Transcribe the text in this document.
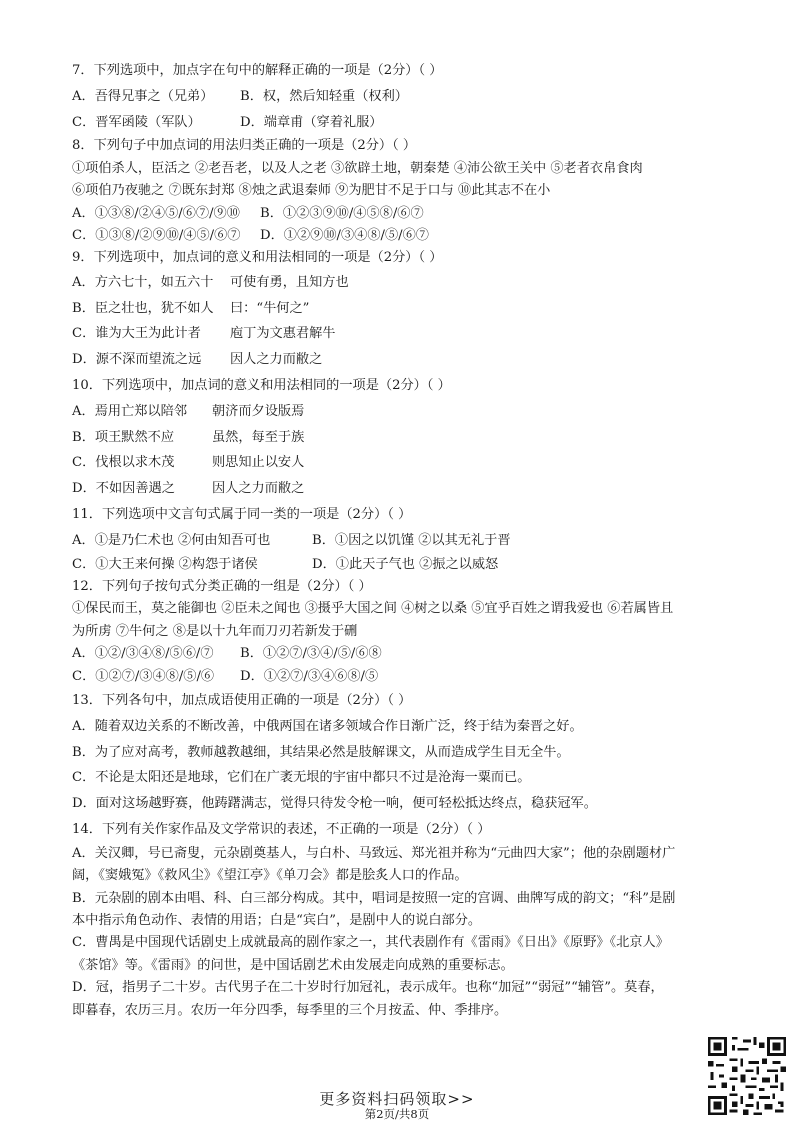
7．下列选项中，加点字在句中的解释正确的一项是（2分）（ ）
A．吾得兄事之（兄弟） B．权，然后知轻重（权利）
C．晋军函陵（军队）	D．端章甫（穿着礼服）
8．下列句子中加点词的用法归类正确的一项是（2分）（ ）
①项伯杀人，臣活之 ②老吾老，以及人之老 ③欲辟土地，朝秦楚 ④沛公欲王关中 ⑤老者衣帛食肉
⑥项伯乃夜驰之 ⑦既东封郑 ⑧烛之武退秦师 ⑨为肥甘不足于口与 ⑩此其志不在小
A．①③⑧/②④⑤/⑥⑦/⑨⑩ B．①②③⑨⑩/④⑤⑧/⑥⑦
C．①③⑧/②⑨⑩/④⑤/⑥⑦ D．①②⑨⑩/③④⑧/⑤/⑥⑦
9．下列选项中，加点词的意义和用法相同的一项是（2分）（ ）
A．方六七十，如五六十 可使有勇，且知方也
B．臣之壮也，犹不如人 曰：“牛何之”
C．谁为大王为此计者 庖丁为文惠君解牛
D．源不深而望流之远 因人之力而敝之
10．下列选项中，加点词的意义和用法相同的一项是（2分）（ ）
A．焉用亡郑以陪邻 朝济而夕设版焉
B．项王默然不应	虽然，每至于族
C．伐根以求木茂	则思知止以安人
D．不如因善遇之	因人之力而敝之
11．下列选项中文言句式属于同一类的一项是（2分）（ ）
A．①是乃仁术也 ②何由知吾可也	B．①因之以饥馑 ②以其无礼于晋
C．①大王来何操 ②构怨于诸侯	D．①此天子气也 ②振之以威怒
12．下列句子按句式分类正确的一组是（2分）（ ）
①保民而王，莫之能御也 ②臣未之闻也 ③摄乎大国之间 ④树之以桑 ⑤宜乎百姓之谓我爱也 ⑥若属皆且
为所虏 ⑦牛何之 ⑧是以十九年而刀刃若新发于硎
A．①②/③④⑧/⑤⑥/⑦ B．①②⑦/③④/⑤/⑥⑧
C．①②⑦/③④⑧/⑤/⑥ D．①②⑦/③④⑥⑧/⑤
13．下列各句中，加点成语使用正确的一项是（2分）（ ）
A．随着双边关系的不断改善，中俄两国在诸多领域合作日渐广泛，终于结为秦晋之好。
B．为了应对高考，教师越教越细，其结果必然是肢解课文，从而造成学生目无全牛。
C．不论是太阳还是地球，它们在广袤无垠的宇宙中都只不过是沧海一粟而已。
D．面对这场越野赛，他踌躇满志，觉得只待发令枪一响，便可轻松抵达终点，稳获冠军。
14．下列有关作家作品及文学常识的表述，不正确的一项是（2分）（ ）
A．关汉卿，号已斋叟，元杂剧奠基人，与白朴、马致远、郑光祖并称为“元曲四大家”；他的杂剧题材广
阔，《窦娥冤》《救风尘》《望江亭》《单刀会》都是脍炙人口的作品。
B．元杂剧的剧本由唱、科、白三部分构成。其中，唱词是按照一定的宫调、曲牌写成的韵文；“科”是剧
本中指示角色动作、表情的用语；白是“宾白”，是剧中人的说白部分。
C．曹禺是中国现代话剧史上成就最高的剧作家之一，其代表剧作有《雷雨》《日出》《原野》《北京人》
《茶馆》等。《雷雨》的问世，是中国话剧艺术由发展走向成熟的重要标志。
D．冠，指男子二十岁。古代男子在二十岁时行加冠礼，表示成年。也称“加冠”“弱冠”“辅管”。莫春，
即暮春，农历三月。农历一年分四季，每季里的三个月按孟、仲、季排序。
更多资料扫码领取>>
第2页/共8页
